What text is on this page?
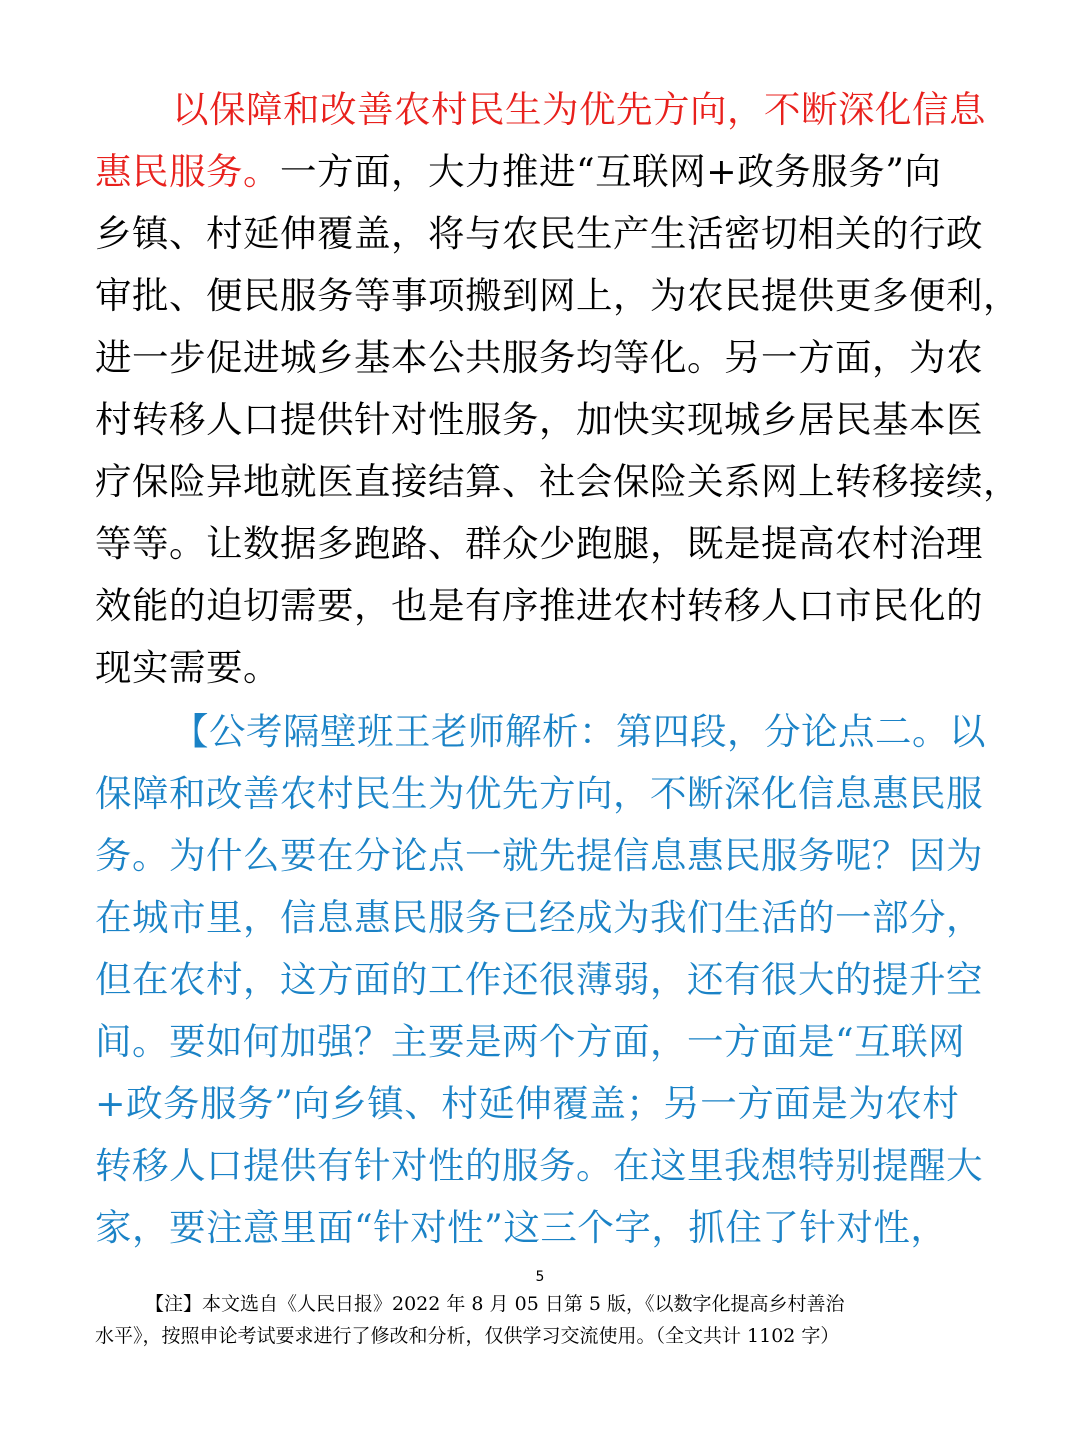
以保障和改善农村民生为优先方向，不断深化信息
惠民服务。一方面，大力推进“互联网+政务服务”向
乡镇、村延伸覆盖，将与农民生产生活密切相关的行政
审批、便民服务等事项搬到网上，为农民提供更多便利，
进一步促进城乡基本公共服务均等化。另一方面，为农
村转移人口提供针对性服务，加快实现城乡居民基本医
疗保险异地就医直接结算、社会保险关系网上转移接续，
等等。让数据多跑路、群众少跑腿，既是提高农村治理
效能的迫切需要，也是有序推进农村转移人口市民化的
现实需要。
【公考隔壁班王老师解析：第四段，分论点二。以
保障和改善农村民生为优先方向，不断深化信息惠民服
务。为什么要在分论点一就先提信息惠民服务呢？因为
在城市里，信息惠民服务已经成为我们生活的一部分，
但在农村，这方面的工作还很薄弱，还有很大的提升空
间。要如何加强？主要是两个方面，一方面是“互联网
+政务服务”向乡镇、村延伸覆盖；另一方面是为农村
转移人口提供有针对性的服务。在这里我想特别提醒大
家，要注意里面“针对性”这三个字，抓住了针对性，
5
【注】本文选自《人民日报》2022 年 8 月 05 日第 5 版，《以数字化提高乡村善治
水平》，按照申论考试要求进行了修改和分析，仅供学习交流使用。（全文共计 1102 字）
